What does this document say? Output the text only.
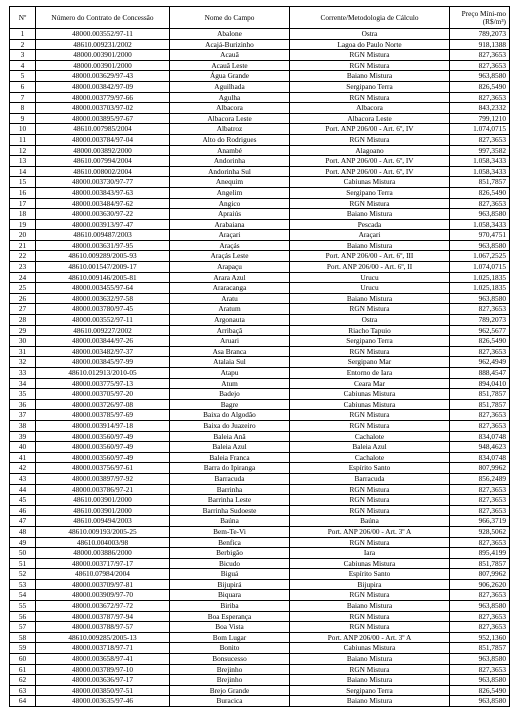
Nº	Número do Contrato de Concessão	Nome do Campo	Corrente/Metodologia de Cálculo	Preço Míni-mo (R$/m³)
1	48000.003552/97-11	Abalone	Ostra	789,2073
2	48610.009231/2002	Acajá-Burizinho	Lagoa do Paulo Norte	918,1388
3	48000.003901/2000	Acauã	RGN Mistura	827,3653
4	48000.003901/2000	Acauã Leste	RGN Mistura	827,3653
5	48000.003629/97-43	Água Grande	Baiano Mistura	963,8580
6	48000.003842/97-09	Aguilhada	Sergipano Terra	826,5490
7	48000.003779/97-66	Agulha	RGN Mistura	827,3653
8	48000.003703/97-02	Albacora	Albacora	843,2332
9	48000.003895/97-67	Albacora Leste	Albacora Leste	799,1210
10	48610.007985/2004	Albatroz	Port. ANP 206/00 - Art. 6º, IV	1.074,0715
11	48000.003784/97-04	Alto do Rodrigues	RGN Mistura	827,3653
12	48000.003892/2000	Anambé	Alagoano	997,3582
13	48610.007994/2004	Andorinha	Port. ANP 206/00 - Art. 6º, IV	1.058,3433
14	48610.008002/2004	Andorinha Sul	Port. ANP 206/00 - Art. 6º, IV	1.058,3433
15	48000.003730/97-77	Anequim	Cabiunas Mistura	851,7857
16	48000.003843/97-63	Angelim	Sergipano Terra	826,5490
17	48000.003484/97-62	Angico	RGN Mistura	827,3653
18	48000.003630/97-22	Apraiús	Baiano Mistura	963,8580
19	48000.003913/97-47	Arabaiana	Pescada	1.058,3433
20	48610.009487/2003	Araçari	Araçari	970,4751
21	48000.003631/97-95	Araçás	Baiano Mistura	963,8580
22	48610.009289/2005-93	Araçás Leste	Port. ANP 206/00 - Art. 6º, III	1.067,2525
23	48610.001547/2009-17	Arapaçu	Port. ANP 206/00 - Art. 6º, II	1.074,0715
24	48610.009146/2005-81	Arara Azul	Urucu	1.025,1835
25	48000.003455/97-64	Araracanga	Urucu	1.025,1835
26	48000.003632/97-58	Aratu	Baiano Mistura	963,8580
27	48000.003780/97-45	Aratum	RGN Mistura	827,3653
28	48000.003552/97-11	Argonauta	Ostra	789,2073
29	48610.009227/2002	Arribaçã	Riacho Tapuio	962,5677
30	48000.003844/97-26	Aruari	Sergipano Terra	826,5490
31	48000.003482/97-37	Asa Branca	RGN Mistura	827,3653
32	48000.003845/97-99	Atalaia Sul	Sergipano Mar	962,4949
33	48610.012913/2010-05	Atapu	Entorno de Iara	888,4547
34	48000.003775/97-13	Atum	Ceara Mar	894,0410
35	48000.003705/97-20	Badejo	Cabiunas Mistura	851,7857
36	48000.003726/97-08	Bagre	Cabiunas Mistura	851,7857
37	48000.003785/97-69	Baixa do Algodão	RGN Mistura	827,3653
38	48000.003914/97-18	Baixa do Juazeiro	RGN Mistura	827,3653
39	48000.003560/97-49	Baleia Anã	Cachalote	834,0748
40	48000.003560/97-49	Baleia Azul	Baleia Azul	948,4623
41	48000.003560/97-49	Baleia Franca	Cachalote	834,0748
42	48000.003756/97-61	Barra do Ipiranga	Espírito Santo	807,9962
43	48000.003897/97-92	Barracuda	Barracuda	856,2489
44	48000.003786/97-21	Barrinha	RGN Mistura	827,3653
45	48610.003901/2000	Barrinha Leste	RGN Mistura	827,3653
46	48610.003901/2000	Barrinha Sudoeste	RGN Mistura	827,3653
47	48610.009494/2003	Baúna	Baúna	966,3719
48	48610.009193/2005-25	Bem-Te-Vi	Port. ANP 206/00 - Art. 3º A	928,5062
49	48610.004003/98	Benfica	RGN Mistura	827,3653
50	48000.003886/2000	Berbigão	Iara	895,4199
51	48000.003717/97-17	Bicudo	Cabiunas Mistura	851,7857
52	48610.07984/2004	Biguá	Espírito Santo	807,9962
53	48000.003709/97-81	Bijupirá	Bijupira	906,2620
54	48000.003909/97-70	Biquara	RGN Mistura	827,3653
55	48000.003672/97-72	Biriba	Baiano Mistura	963,8580
56	48000.003787/97-94	Boa Esperança	RGN Mistura	827,3653
57	48000.003788/97-57	Boa Vista	RGN Mistura	827,3653
58	48610.009285/2005-13	Bom Lugar	Port. ANP 206/00 - Art. 3º A	952,1360
59	48000.003718/97-71	Bonito	Cabiunas Mistura	851,7857
60	48000.003658/97-41	Bonsucesso	Baiano Mistura	963,8580
61	48000.003789/97-10	Brejinho	RGN Mistura	827,3653
62	48000.003636/97-17	Brejinho	Baiano Mistura	963,8580
63	48000.003850/97-51	Brejo Grande	Sergipano Terra	826,5490
64	48000.003635/97-46	Buracica	Baiano Mistura	963,8580
